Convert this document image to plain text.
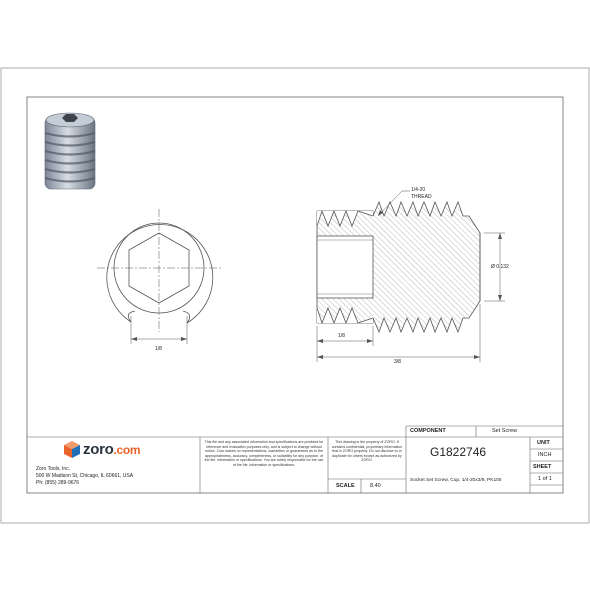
1/4-20
THREAD
Ø 0.132
1/8
1/8
3/8
zoro.com
Zoro Tools, Inc.
500 W Madison St, Chicago, IL 60661, USA
Ph: (855) 289-9676
This file and any associated information and specifications are provided for reference and evaluation purposes only, and is subject to change without notice. Zoro makes no representations, warranties or guarantees as to the appropriateness, accuracy, completeness, or suitability for any purpose, of the file, information or specifications. You are solely responsible for the use of the file, information or specifications.
This drawing is the property of ZORO. It contains confidential, proprietary information that is ZORO property. Do not disclose to or duplicate for others except as authorized by ZORO.
COMPONENT	Set Screw
G1822746
Socket Set Screw, Cup, 1/4-20x3/8, PK100
SCALE	8.40
UNIT
INCH
SHEET
1 of 1
